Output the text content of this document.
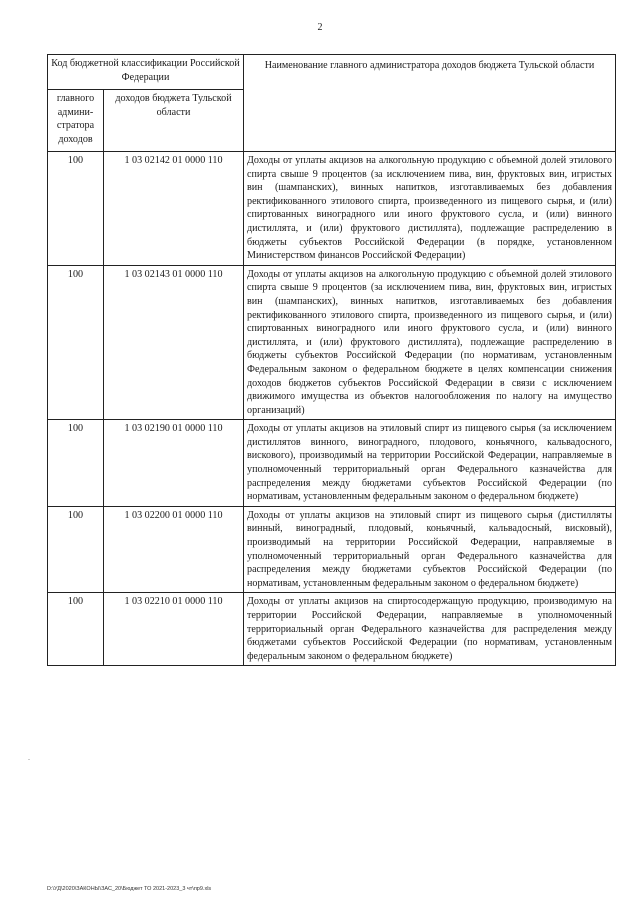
2
Код бюджетной классификации Российской Федерации		Наименование главного администратора доходов бюджета Тульской области
главного админи-стратора доходов	доходов бюджета Тульской области	
100	1 03 02142 01 0000 110	Доходы от уплаты акцизов на алкогольную продукцию с объемной долей этилового спирта свыше 9 процентов (за исключением пива, вин, фруктовых вин, игристых вин (шампанских), винных напитков, изготавливаемых без добавления ректификованного этилового спирта, произведенного из пищевого сырья, и (или) спиртованных виноградного или иного фруктового сусла, и (или) винного дистиллята, и (или) фруктового дистиллята), подлежащие распределению в бюджеты субъектов Российской Федерации (в порядке, установленном Министерством финансов Российской Федерации)
100	1 03 02143 01 0000 110	Доходы от уплаты акцизов на алкогольную продукцию с объемной долей этилового спирта свыше 9 процентов (за исключением пива, вин, фруктовых вин, игристых вин (шампанских), винных напитков, изготавливаемых без добавления ректификованного этилового спирта, произведенного из пищевого сырья, и (или) спиртованных виноградного или иного фруктового сусла, и (или) винного дистиллята, и (или) фруктового дистиллята), подлежащие распределению в бюджеты субъектов Российской Федерации (по нормативам, установленным Федеральным законом о федеральном бюджете в целях компенсации снижения доходов бюджетов субъектов Российской Федерации в связи с исключением движимого имущества из объектов налогообложения по налогу на имущество организаций)
100	1 03 02190 01 0000 110	Доходы от уплаты акцизов на этиловый спирт из пищевого сырья (за исключением дистиллятов винного, виноградного, плодового, коньячного, кальвадосного, вискового), производимый на территории Российской Федерации, направляемые в уполномоченный территориальный орган Федерального казначейства для распределения между бюджетами субъектов Российской Федерации (по нормативам, установленным федеральным законом о федеральном бюджете)
100	1 03 02200 01 0000 110	Доходы от уплаты акцизов на этиловый спирт из пищевого сырья (дистилляты винный, виноградный, плодовый, коньячный, кальвадосный, висковый), производимый на территории Российской Федерации, направляемые в уполномоченный территориальный орган Федерального казначейства для распределения между бюджетами субъектов Российской Федерации (по нормативам, установленным федеральным законом о федеральном бюджете)
100	1 03 02210 01 0000 110	Доходы от уплаты акцизов на спиртосодержащую продукцию, производимую на территории Российской Федерации, направляемые в уполномоченный территориальный орган Федерального казначейства для распределения между бюджетами субъектов Российской Федерации (по нормативам, установленным федеральным законом о федеральном бюджете)
-
D:\УД\2020\ЗАКОНЫ\ЗАС_20\Бюджет ТО 2021-2023_3 чт\пр9.xls
